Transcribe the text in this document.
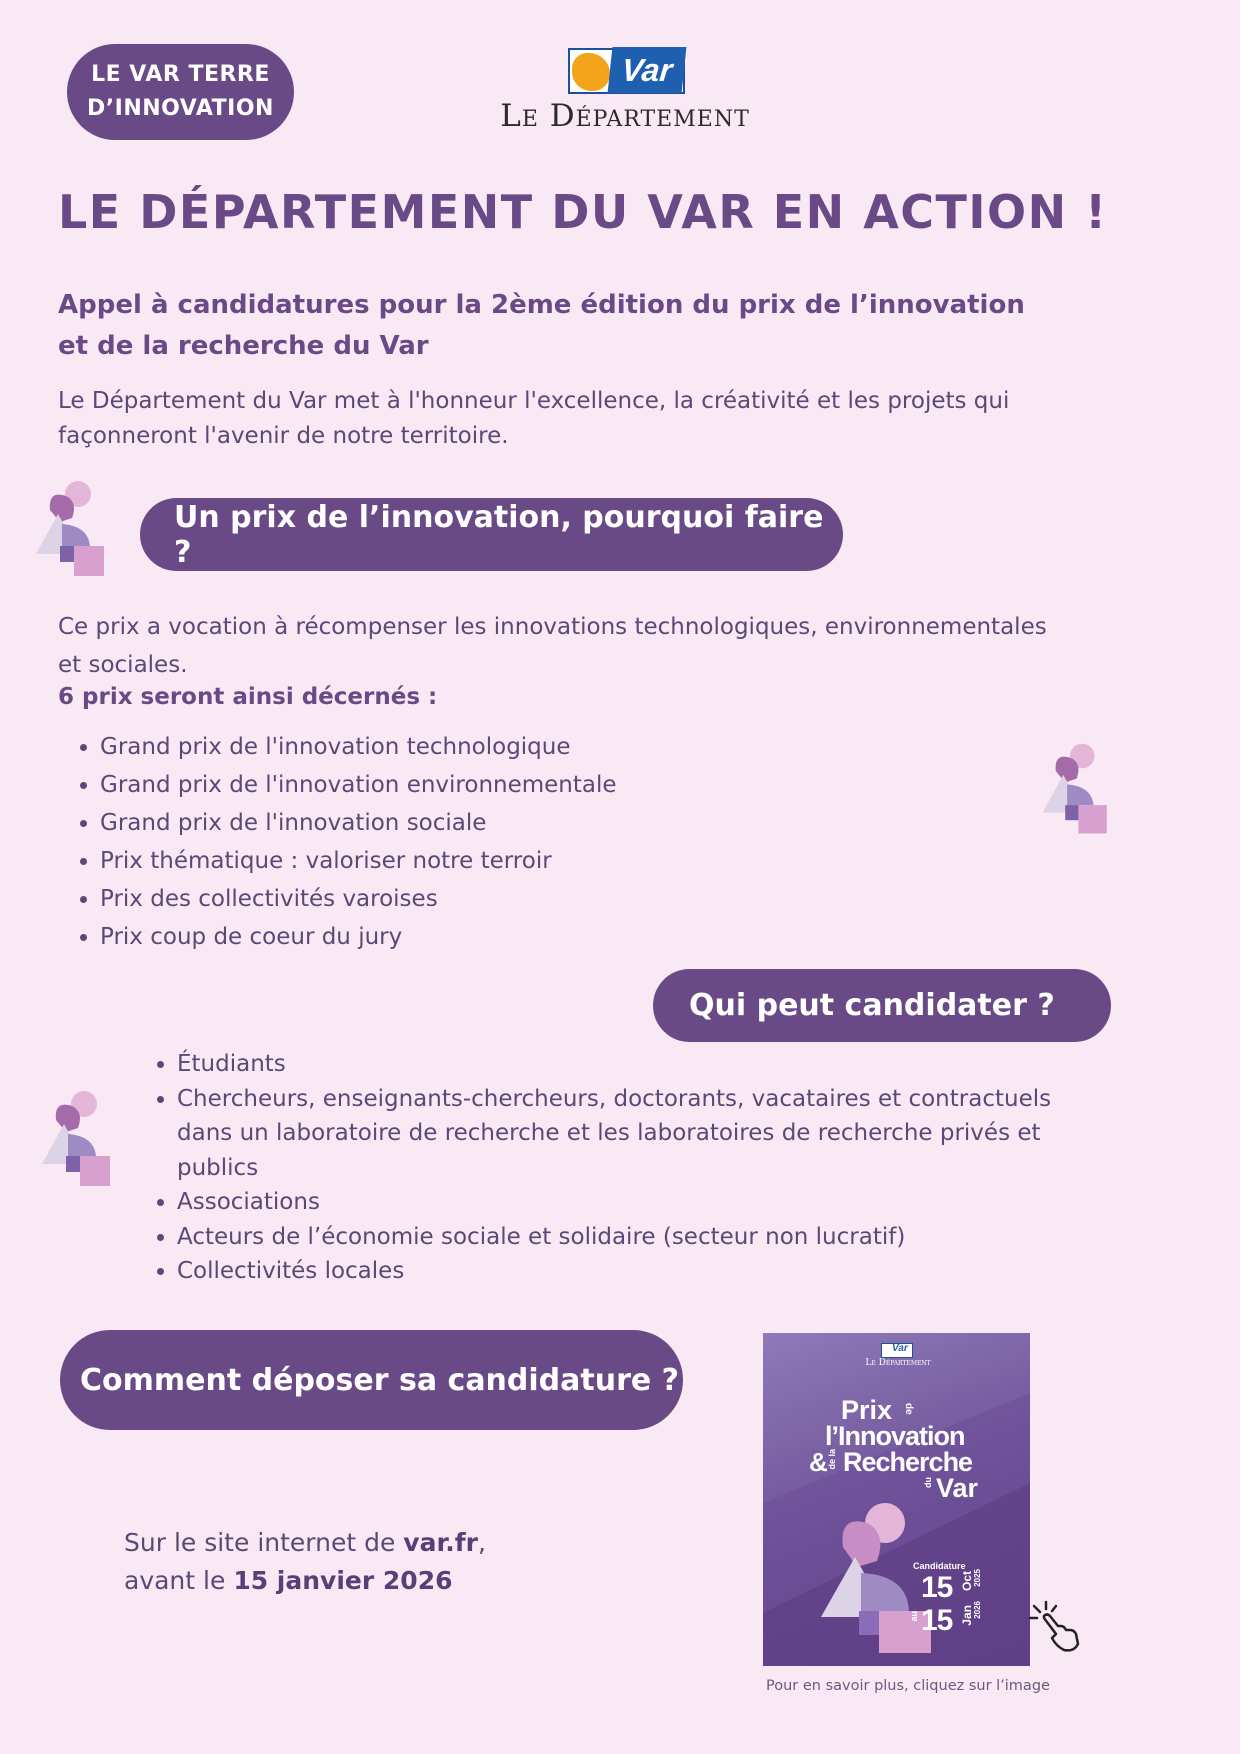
LE VAR TERRE
D’INNOVATION
Var
Le Département
LE DÉPARTEMENT DU VAR EN ACTION !
Appel à candidatures pour la 2ème édition du prix de l’innovation
et de la recherche du Var
Le Département du Var met à l'honneur l'excellence, la créativité et les projets qui
façonneront l'avenir de notre territoire.
Un prix de l’innovation, pourquoi faire ?
Ce prix a vocation à récompenser les innovations technologiques, environnementales
et sociales.
6 prix seront ainsi décernés :
• Grand prix de l'innovation technologique
• Grand prix de l'innovation environnementale
• Grand prix de l'innovation sociale
• Prix thématique : valoriser notre terroir
• Prix des collectivités varoises
• Prix coup de coeur du jury
Qui peut candidater ?
• Étudiants
• Chercheurs, enseignants-chercheurs, doctorants, vacataires et contractuels dans un laboratoire de recherche et les laboratoires de recherche privés et publics
• Associations
• Acteurs de l’économie sociale et solidaire (secteur non lucratif)
• Collectivités locales
Comment déposer sa candidature ?
Sur le site internet de var.fr,
avant le 15 janvier 2026
Var
Le Département
Prix de
l’Innovation
& de la Recherche
du Var
Candidature
15 Oct 2025
au 15 Jan 2026
Pour en savoir plus, cliquez sur l’image
